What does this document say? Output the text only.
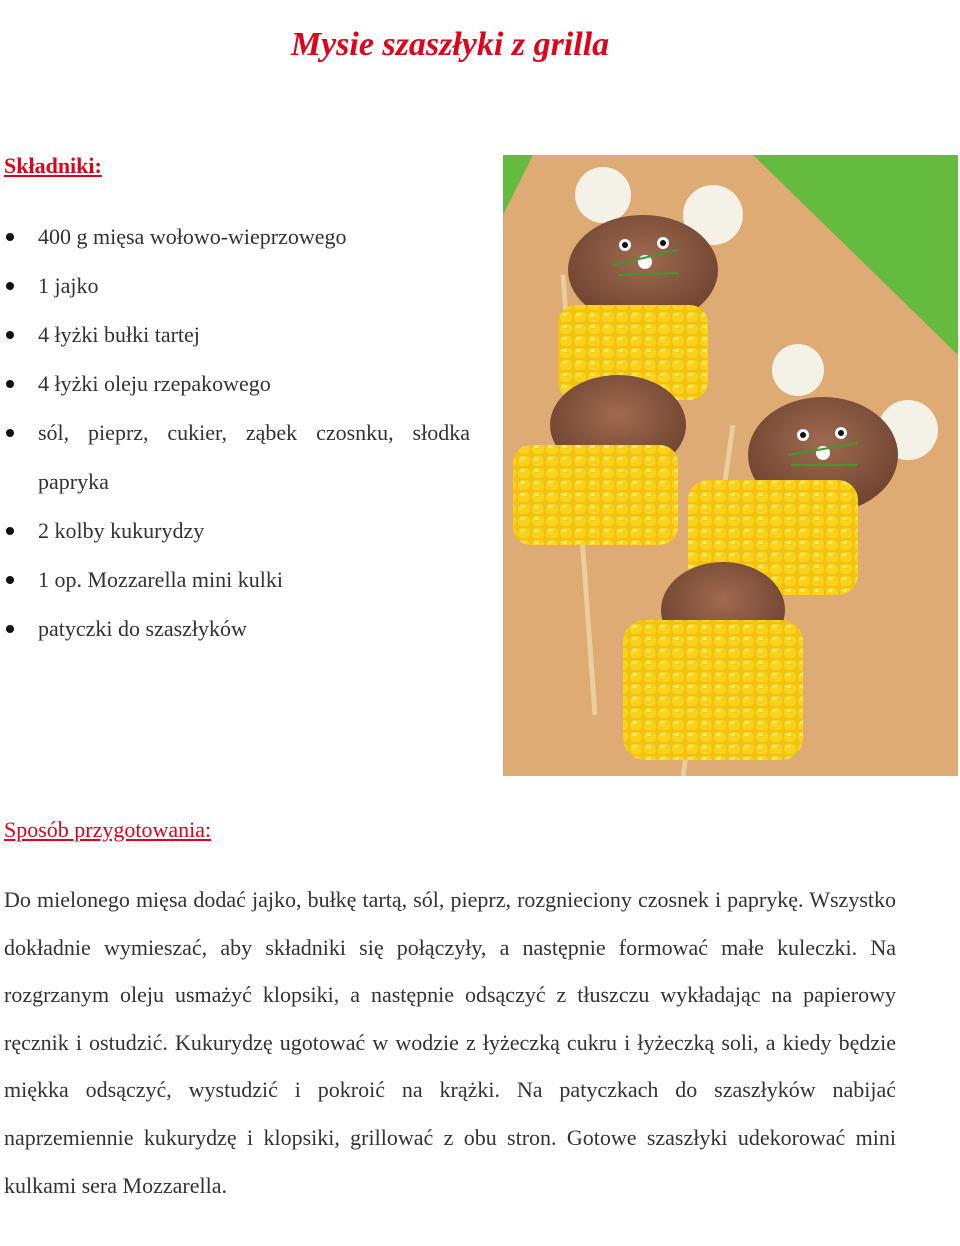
Mysie szaszłyki z grilla
Składniki:
400 g mięsa wołowo-wieprzowego
1 jajko
4 łyżki bułki tartej
4 łyżki oleju rzepakowego
sól, pieprz, cukier, ząbek czosnku, słodka papryka
2 kolby kukurydzy
1 op. Mozzarella mini kulki
patyczki do szaszłyków
Sposób przygotowania:

Do mielonego mięsa dodać jajko, bułkę tartą, sól, pieprz, rozgnieciony czosnek i paprykę. Wszystko dokładnie wymieszać, aby składniki się połączyły, a następnie formować małe kuleczki. Na rozgrzanym oleju usmażyć klopsiki, a następnie odsączyć z tłuszczu wykładając na papierowy ręcznik i ostudzić. Kukurydzę ugotować w wodzie z łyżeczką cukru i łyżeczką soli, a kiedy będzie miękka odsączyć, wystudzić i pokroić na krążki. Na patyczkach do szaszłyków nabijać naprzemiennie kukurydzę i klopsiki, grillować z obu stron. Gotowe szaszłyki udekorować mini kulkami sera Mozzarella.
